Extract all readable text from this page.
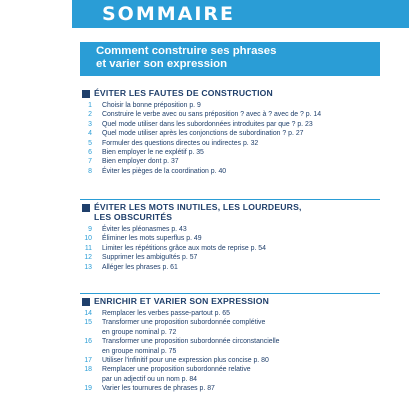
SOMMAIRE
Comment construire ses phrases
et varier son expression
ÉVITER LES FAUTES DE CONSTRUCTION
1	Choisir la bonne préposition p. 9
2	Construire le verbe avec ou sans préposition ? avec à ? avec de ? p. 14
3	Quel mode utiliser dans les subordonnées introduites par que ? p. 23
4	Quel mode utiliser après les conjonctions de subordination ? p. 27
5	Formuler des questions directes ou indirectes p. 32
6	Bien employer le ne explétif p. 35
7	Bien employer dont p. 37
8	Éviter les pièges de la coordination p. 40
ÉVITER LES MOTS INUTILES, LES LOURDEURS,
LES OBSCURITÉS
9	Éviter les pléonasmes p. 43
10	Éliminer les mots superflus p. 49
11	Limiter les répétitions grâce aux mots de reprise p. 54
12	Supprimer les ambiguïtés p. 57
13	Alléger les phrases p. 61
ENRICHIR ET VARIER SON EXPRESSION
14	Remplacer les verbes passe-partout p. 65
15	Transformer une proposition subordonnée complétive
en groupe nominal p. 72
16	Transformer une proposition subordonnée circonstancielle
en groupe nominal p. 75
17	Utiliser l'infinitif pour une expression plus concise p. 80
18	Remplacer une proposition subordonnée relative
par un adjectif ou un nom p. 84
19	Varier les tournures de phrases p. 87
